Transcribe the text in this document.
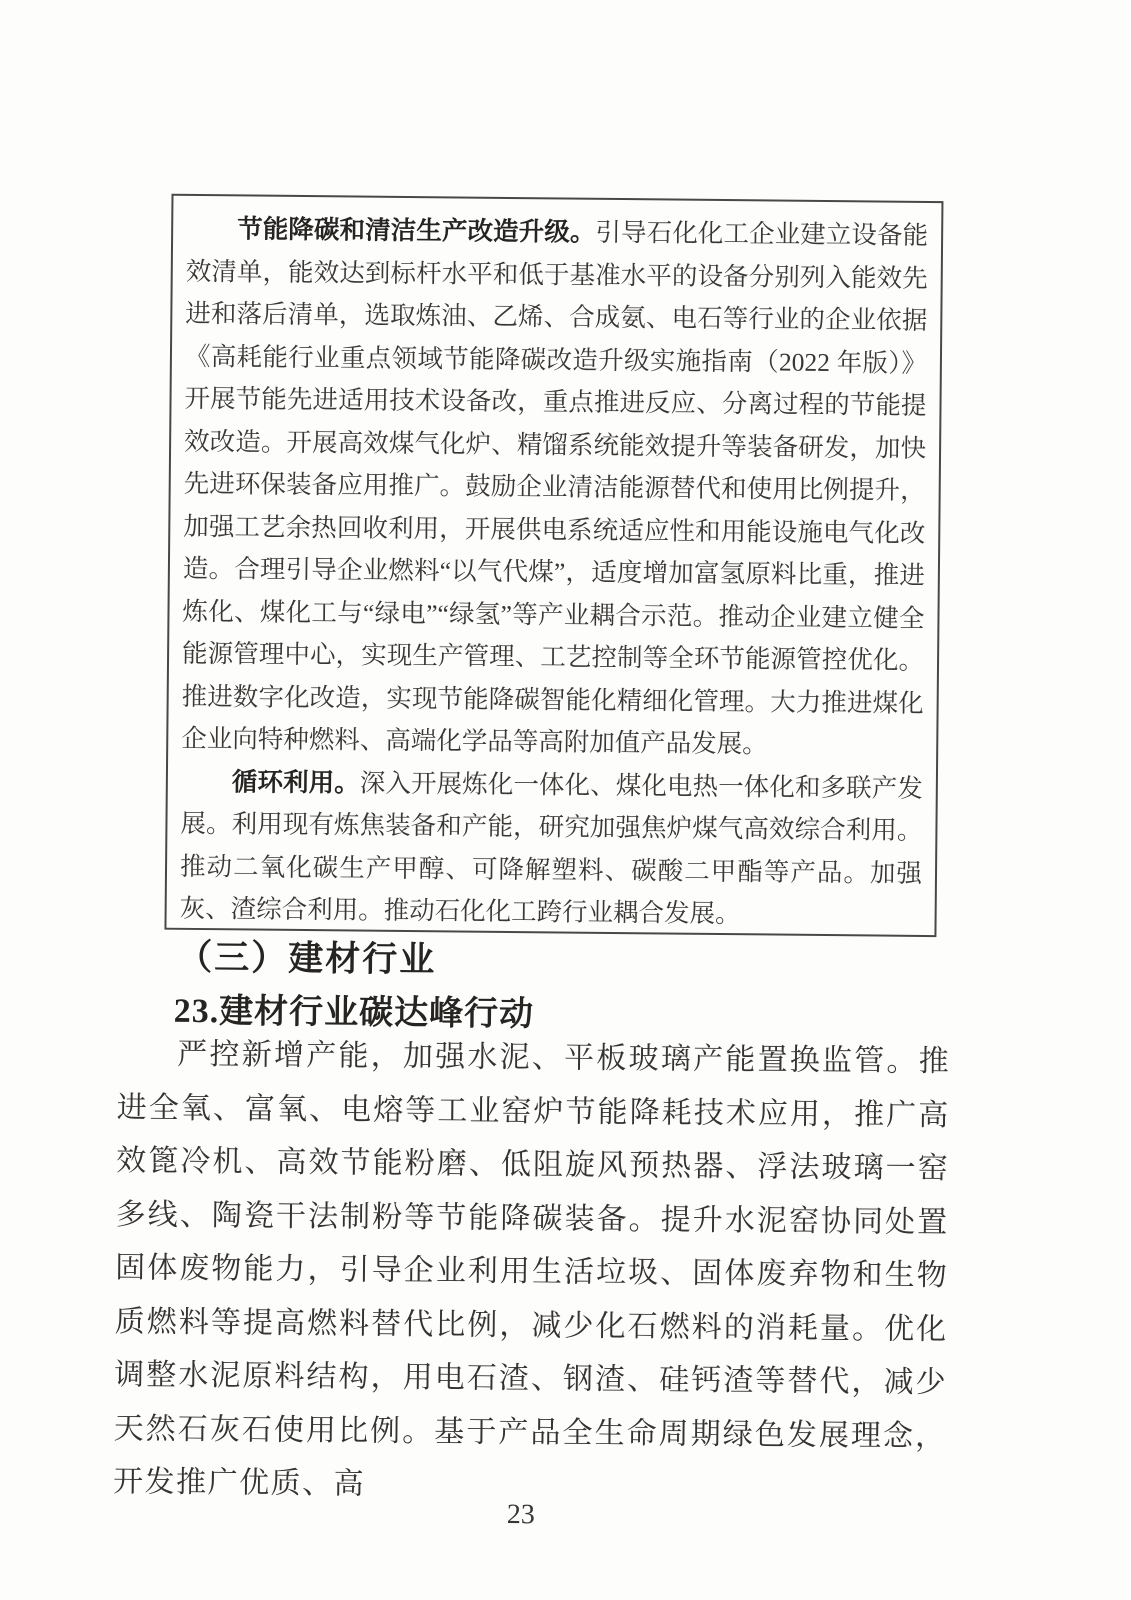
节能降碳和清洁生产改造升级。引导石化化工企业建立设备能效清单，能效达到标杆水平和低于基准水平的设备分别列入能效先进和落后清单，选取炼油、乙烯、合成氨、电石等行业的企业依据《高耗能行业重点领域节能降碳改造升级实施指南（2022 年版）》开展节能先进适用技术设备改，重点推进反应、分离过程的节能提效改造。开展高效煤气化炉、精馏系统能效提升等装备研发，加快先进环保装备应用推广。鼓励企业清洁能源替代和使用比例提升，加强工艺余热回收利用，开展供电系统适应性和用能设施电气化改造。合理引导企业燃料“以气代煤”，适度增加富氢原料比重，推进炼化、煤化工与“绿电”“绿氢”等产业耦合示范。推动企业建立健全能源管理中心，实现生产管理、工艺控制等全环节能源管控优化。推进数字化改造，实现节能降碳智能化精细化管理。大力推进煤化企业向特种燃料、高端化学品等高附加值产品发展。

循环利用。深入开展炼化一体化、煤化电热一体化和多联产发展。利用现有炼焦装备和产能，研究加强焦炉煤气高效综合利用。推动二氧化碳生产甲醇、可降解塑料、碳酸二甲酯等产品。加强灰、渣综合利用。推动石化化工跨行业耦合发展。

（三）建材行业
23.建材行业碳达峰行动

严控新增产能，加强水泥、平板玻璃产能置换监管。推进全氧、富氧、电熔等工业窑炉节能降耗技术应用，推广高效篦冷机、高效节能粉磨、低阻旋风预热器、浮法玻璃一窑多线、陶瓷干法制粉等节能降碳装备。提升水泥窑协同处置固体废物能力，引导企业利用生活垃圾、固体废弃物和生物质燃料等提高燃料替代比例，减少化石燃料的消耗量。优化调整水泥原料结构，用电石渣、钢渣、硅钙渣等替代，减少天然石灰石使用比例。基于产品全生命周期绿色发展理念，开发推广优质、高

23
